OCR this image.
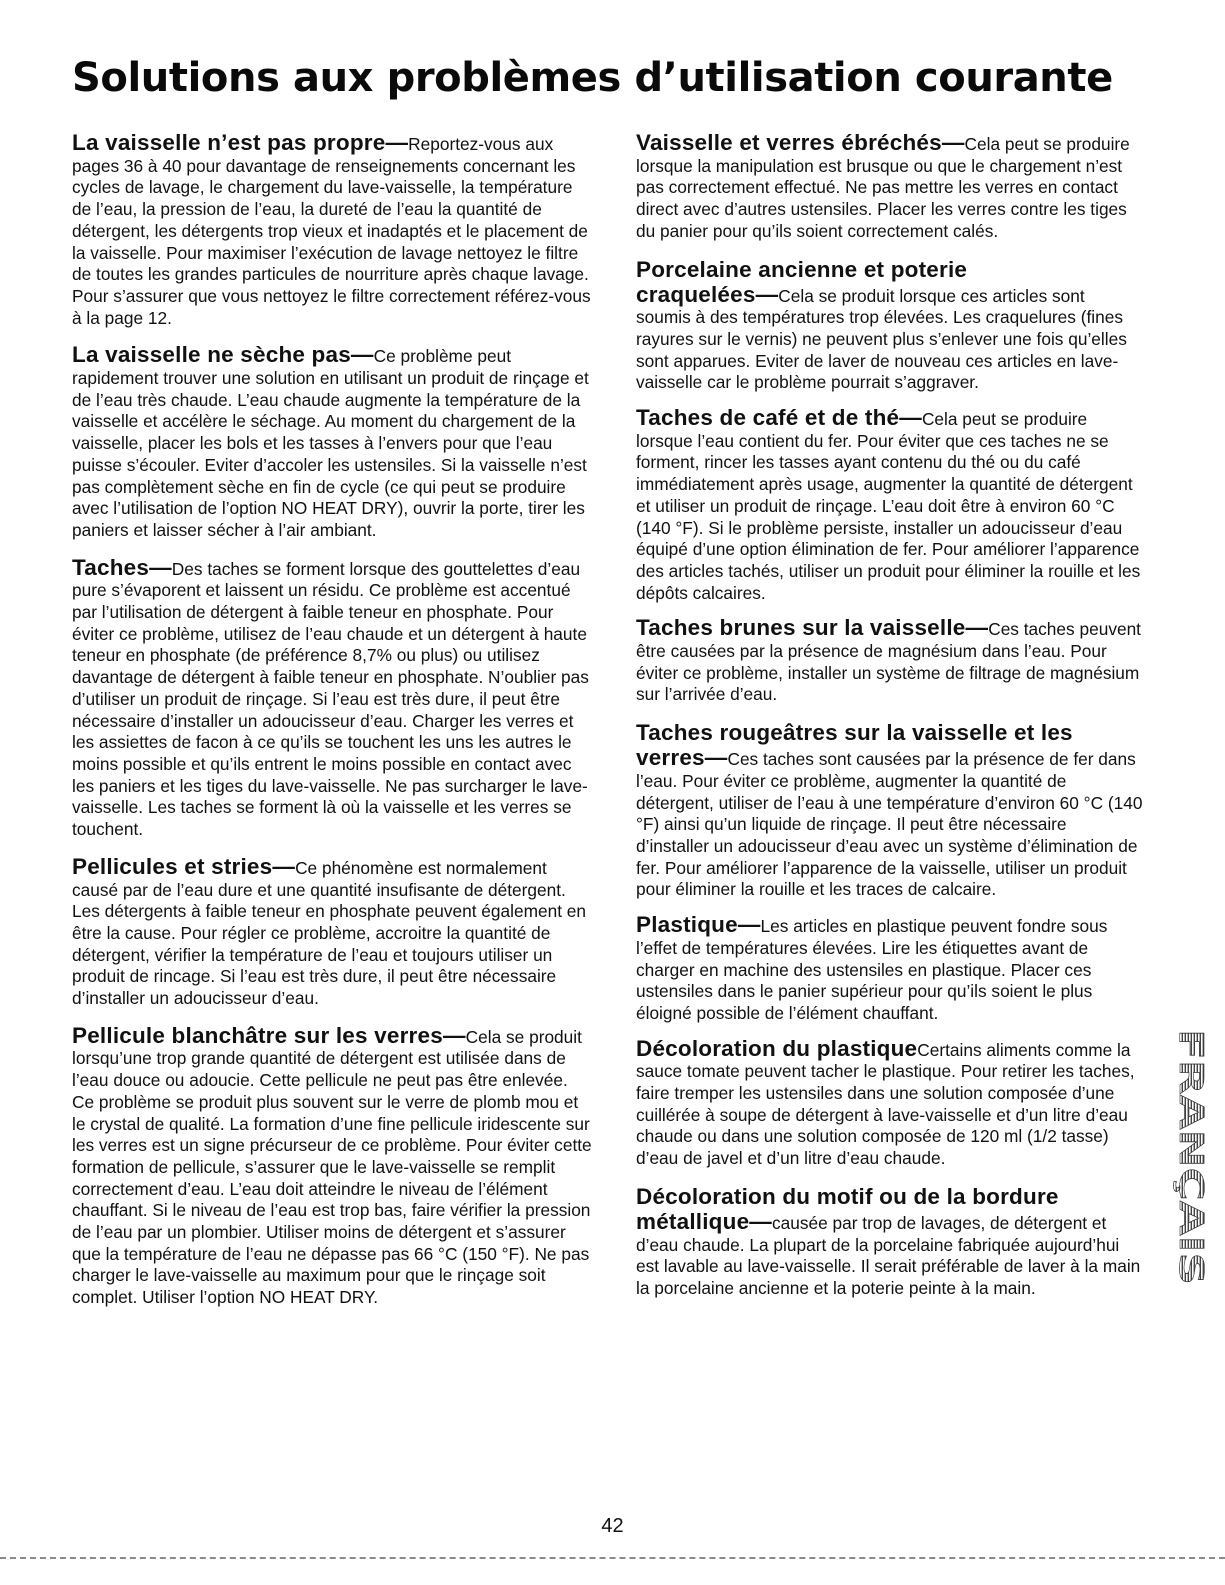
Solutions aux problèmes d’utilisation courante

La vaisselle n’est pas propre—Reportez-vous aux pages 36 à 40 pour davantage de renseignements concernant les cycles de lavage, le chargement du lave-vaisselle, la température de l’eau, la pression de l’eau, la dureté de l’eau la quantité de détergent, les détergents trop vieux et inadaptés et le placement de la vaisselle. Pour maximiser l’exécution de lavage nettoyez le filtre de toutes les grandes particules de nourriture après chaque lavage. Pour s’assurer que vous nettoyez le filtre correctement référez-vous à la page 12.

La vaisselle ne sèche pas—Ce problème peut rapidement trouver une solution en utilisant un produit de rinçage et de l’eau très chaude. L’eau chaude augmente la température de la vaisselle et accélère le séchage. Au moment du chargement de la vaisselle, placer les bols et les tasses à l’envers pour que l’eau puisse s’écouler. Eviter d’accoler les ustensiles. Si la vaisselle n’est pas complètement sèche en fin de cycle (ce qui peut se produire avec l’utilisation de l’option NO HEAT DRY), ouvrir la porte, tirer les paniers et laisser sécher à l’air ambiant.

Taches—Des taches se forment lorsque des gouttelettes d’eau pure s’évaporent et laissent un résidu. Ce problème est accentué par l’utilisation de détergent à faible teneur en phosphate. Pour éviter ce problème, utilisez de l’eau chaude et un détergent à haute teneur en phosphate (de préférence 8,7% ou plus) ou utilisez davantage de détergent à faible teneur en phosphate. N’oublier pas d’utiliser un produit de rinçage. Si l’eau est très dure, il peut être nécessaire d’installer un adoucisseur d’eau. Charger les verres et les assiettes de facon à ce qu’ils se touchent les uns les autres le moins possible et qu’ils entrent le moins possible en contact avec les paniers et les tiges du lave-vaisselle. Ne pas surcharger le lave-vaisselle. Les taches se forment là où la vaisselle et les verres se touchent.

Pellicules et stries—Ce phénomène est normalement causé par de l’eau dure et une quantité insufisante de détergent. Les détergents à faible teneur en phosphate peuvent également en être la cause. Pour régler ce problème, accroitre la quantité de détergent, vérifier la température de l’eau et toujours utiliser un produit de rincage. Si l’eau est très dure, il peut être nécessaire d’installer un adoucisseur d’eau.

Pellicule blanchâtre sur les verres—Cela se produit lorsqu’une trop grande quantité de détergent est utilisée dans de l’eau douce ou adoucie. Cette pellicule ne peut pas être enlevée. Ce problème se produit plus souvent sur le verre de plomb mou et le crystal de qualité. La formation d’une fine pellicule iridescente sur les verres est un signe précurseur de ce problème. Pour éviter cette formation de pellicule, s’assurer que le lave-vaisselle se remplit correctement d’eau. L’eau doit atteindre le niveau de l’élément chauffant. Si le niveau de l’eau est trop bas, faire vérifier la pression de l’eau par un plombier. Utiliser moins de détergent et s’assurer que la température de l’eau ne dépasse pas 66 °C (150 °F). Ne pas charger le lave-vaisselle au maximum pour que le rinçage soit complet. Utiliser l’option NO HEAT DRY.

Vaisselle et verres ébréchés—Cela peut se produire lorsque la manipulation est brusque ou que le chargement n’est pas correctement effectué. Ne pas mettre les verres en contact direct avec d’autres ustensiles. Placer les verres contre les tiges du panier pour qu’ils soient correctement calés.

Porcelaine ancienne et poterie
craquelées—Cela se produit lorsque ces articles sont soumis à des températures trop élevées. Les craquelures (fines rayures sur le vernis) ne peuvent plus s’enlever une fois qu’elles sont apparues. Eviter de laver de nouveau ces articles en lave-vaisselle car le problème pourrait s’aggraver.

Taches de café et de thé—Cela peut se produire lorsque l’eau contient du fer. Pour éviter que ces taches ne se forment, rincer les tasses ayant contenu du thé ou du café immédiatement après usage, augmenter la quantité de détergent et utiliser un produit de rinçage. L’eau doit être à environ 60 °C (140 °F). Si le problème persiste, installer un adoucisseur d’eau équipé d’une option élimination de fer. Pour améliorer l’apparence des articles tachés, utiliser un produit pour éliminer la rouille et les dépôts calcaires.

Taches brunes sur la vaisselle—Ces taches peuvent être causées par la présence de magnésium dans l’eau. Pour éviter ce problème, installer un système de filtrage de magnésium sur l’arrivée d’eau.

Taches rougeâtres sur la vaisselle et les
verres—Ces taches sont causées par la présence de fer dans l’eau. Pour éviter ce problème, augmenter la quantité de détergent, utiliser de l’eau à une température d’environ 60 °C (140 °F) ainsi qu’un liquide de rinçage. Il peut être nécessaire d’installer un adoucisseur d’eau avec un système d’élimination de fer. Pour améliorer l’apparence de la vaisselle, utiliser un produit pour éliminer la rouille et les traces de calcaire.

Plastique—Les articles en plastique peuvent fondre sous l’effet de températures élevées. Lire les étiquettes avant de charger en machine des ustensiles en plastique. Placer ces ustensiles dans le panier supérieur pour qu’ils soient le plus éloigné possible de l’élément chauffant.

Décoloration du plastiqueCertains aliments comme la sauce tomate peuvent tacher le plastique. Pour retirer les taches, faire tremper les ustensiles dans une solution composée d’une cuillérée à soupe de détergent à lave-vaisselle et d’un litre d’eau chaude ou dans une solution composée de 120 ml (1/2 tasse) d’eau de javel et d’un litre d’eau chaude.

Décoloration du motif ou de la bordure
métallique—causée par trop de lavages, de détergent et d’eau chaude. La plupart de la porcelaine fabriquée aujourd’hui est lavable au lave-vaisselle. Il serait préférable de laver à la main la porcelaine ancienne et la poterie peinte à la main.

FRANÇAIS
42
